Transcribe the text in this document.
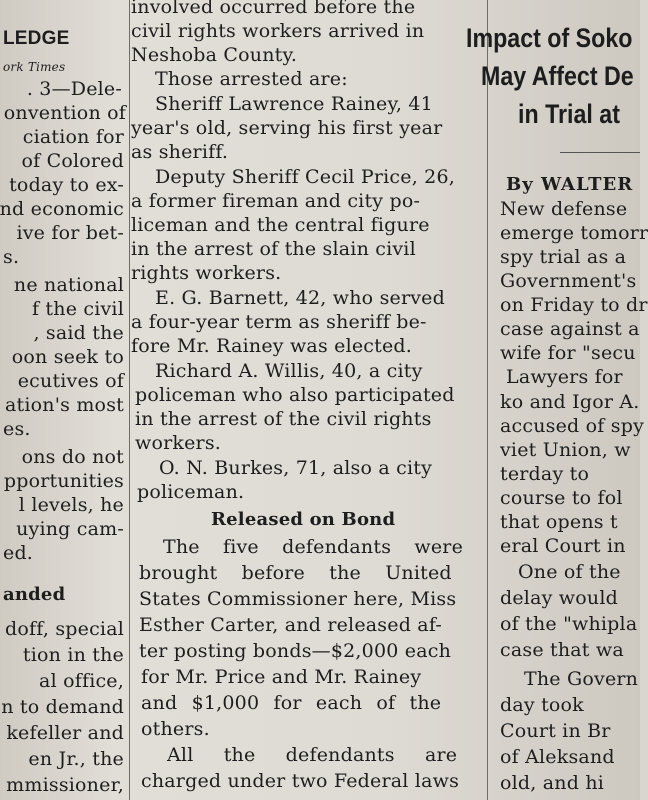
LEDGE
ork Times
. 3—Dele-
onvention of
ciation for
of Colored
today to ex-
nd economic
ive for bet-
s.
ne national
f the civil
, said the
oon seek to
ecutives of
ation's most
es.
ons do not
pportunities
l levels, he
uying cam-
ed.
anded
doff, special
tion in the
al office,
n to demand
kefeller and
en Jr., the
mmissioner,
involved occurred before the
civil rights workers arrived in
Neshoba County.
Those arrested are:
Sheriff Lawrence Rainey, 41
year's old, serving his first year
as sheriff.
Deputy Sheriff Cecil Price, 26,
a former fireman and city po-
liceman and the central figure
in the arrest of the slain civil
rights workers.
E. G. Barnett, 42, who served
a four-year term as sheriff be-
fore Mr. Rainey was elected.
Richard A. Willis, 40, a city
policeman who also participated
in the arrest of the civil rights
workers.
O. N. Burkes, 71, also a city
policeman.
Released on Bond
The five defendants were
brought before the United
States Commissioner here, Miss
Esther Carter, and released af-
ter posting bonds—$2,000 each
for Mr. Price and Mr. Rainey
and $1,000 for each of the
others.
All the defendants are
charged under two Federal laws
Impact of Soko
May Affect De
in Trial at
By WALTER
New defense
emerge tomorr
spy trial as a
Government's
on Friday to dr
case against a
wife for "secu
Lawyers for
ko and Igor A.
accused of spy
viet Union, w
terday to
course to fol
that opens t
eral Court in
One of the
delay would
of the "whipla
case that wa
The Govern
day took
Court in Br
of Aleksand
old, and hi
